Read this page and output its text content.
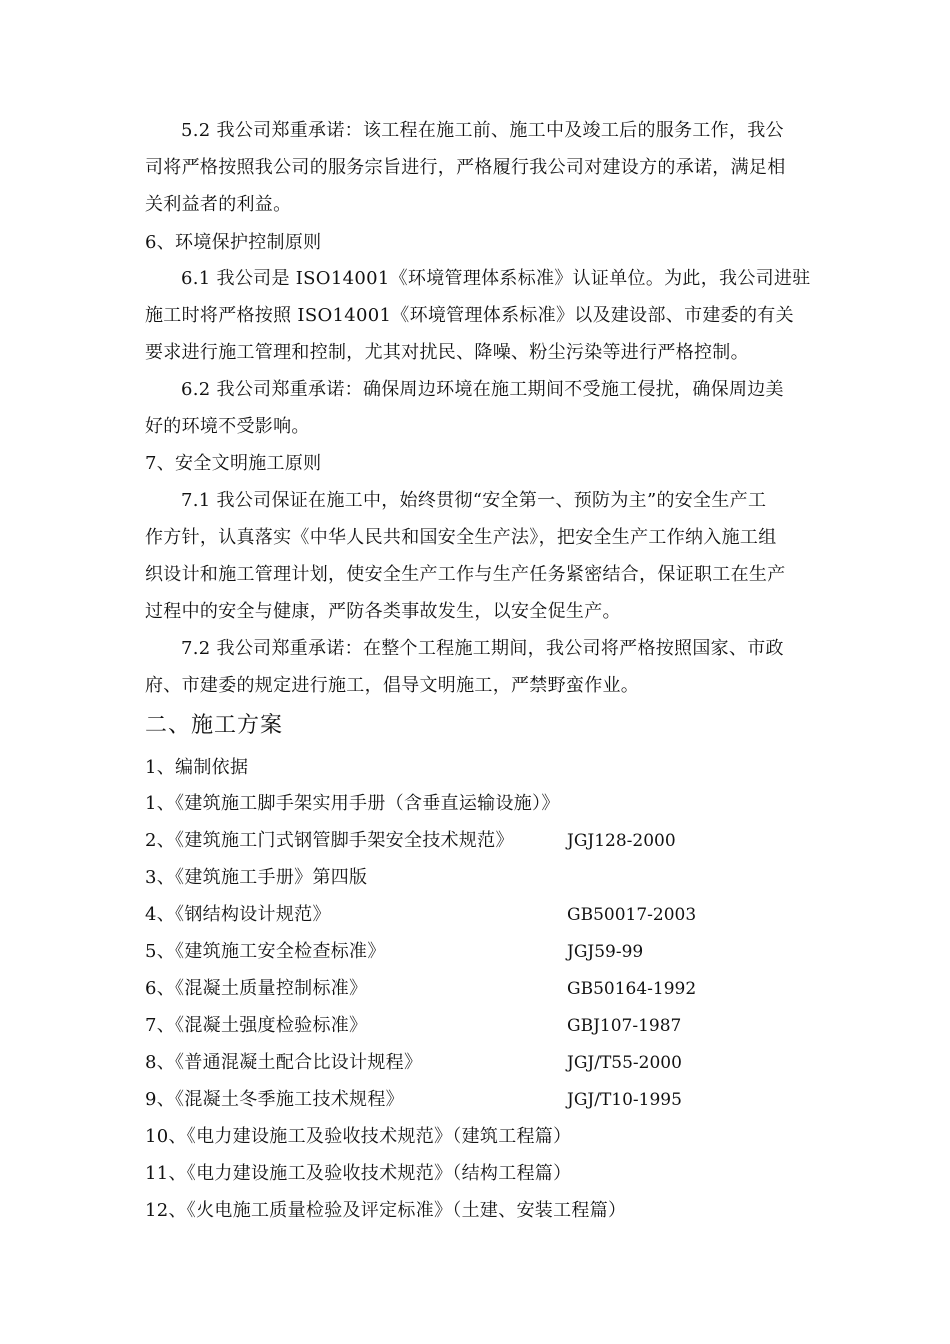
5.2 我公司郑重承诺：该工程在施工前、施工中及竣工后的服务工作，我公
司将严格按照我公司的服务宗旨进行，严格履行我公司对建设方的承诺，满足相
关利益者的利益。
6、环境保护控制原则
6.1 我公司是 ISO14001《环境管理体系标准》认证单位。为此，我公司进驻
施工时将严格按照 ISO14001《环境管理体系标准》以及建设部、市建委的有关
要求进行施工管理和控制，尤其对扰民、降噪、粉尘污染等进行严格控制。
6.2 我公司郑重承诺：确保周边环境在施工期间不受施工侵扰，确保周边美
好的环境不受影响。
7、安全文明施工原则
7.1 我公司保证在施工中，始终贯彻“安全第一、预防为主”的安全生产工
作方针，认真落实《中华人民共和国安全生产法》，把安全生产工作纳入施工组
织设计和施工管理计划，使安全生产工作与生产任务紧密结合，保证职工在生产
过程中的安全与健康，严防各类事故发生，以安全促生产。
7.2 我公司郑重承诺：在整个工程施工期间，我公司将严格按照国家、市政
府、市建委的规定进行施工，倡导文明施工，严禁野蛮作业。
二、施工方案
1、编制依据
1、《建筑施工脚手架实用手册（含垂直运输设施）》
2、《建筑施工门式钢管脚手架安全技术规范》	JGJ128-2000
3、《建筑施工手册》第四版
4、《钢结构设计规范》	GB50017-2003
5、《建筑施工安全检查标准》	JGJ59-99
6、《混凝土质量控制标准》	GB50164-1992
7、《混凝土强度检验标准》	GBJ107-1987
8、《普通混凝土配合比设计规程》	JGJ/T55-2000
9、《混凝土冬季施工技术规程》	JGJ/T10-1995
10、《电力建设施工及验收技术规范》（建筑工程篇）
11、《电力建设施工及验收技术规范》（结构工程篇）
12、《火电施工质量检验及评定标准》（土建、安装工程篇）
